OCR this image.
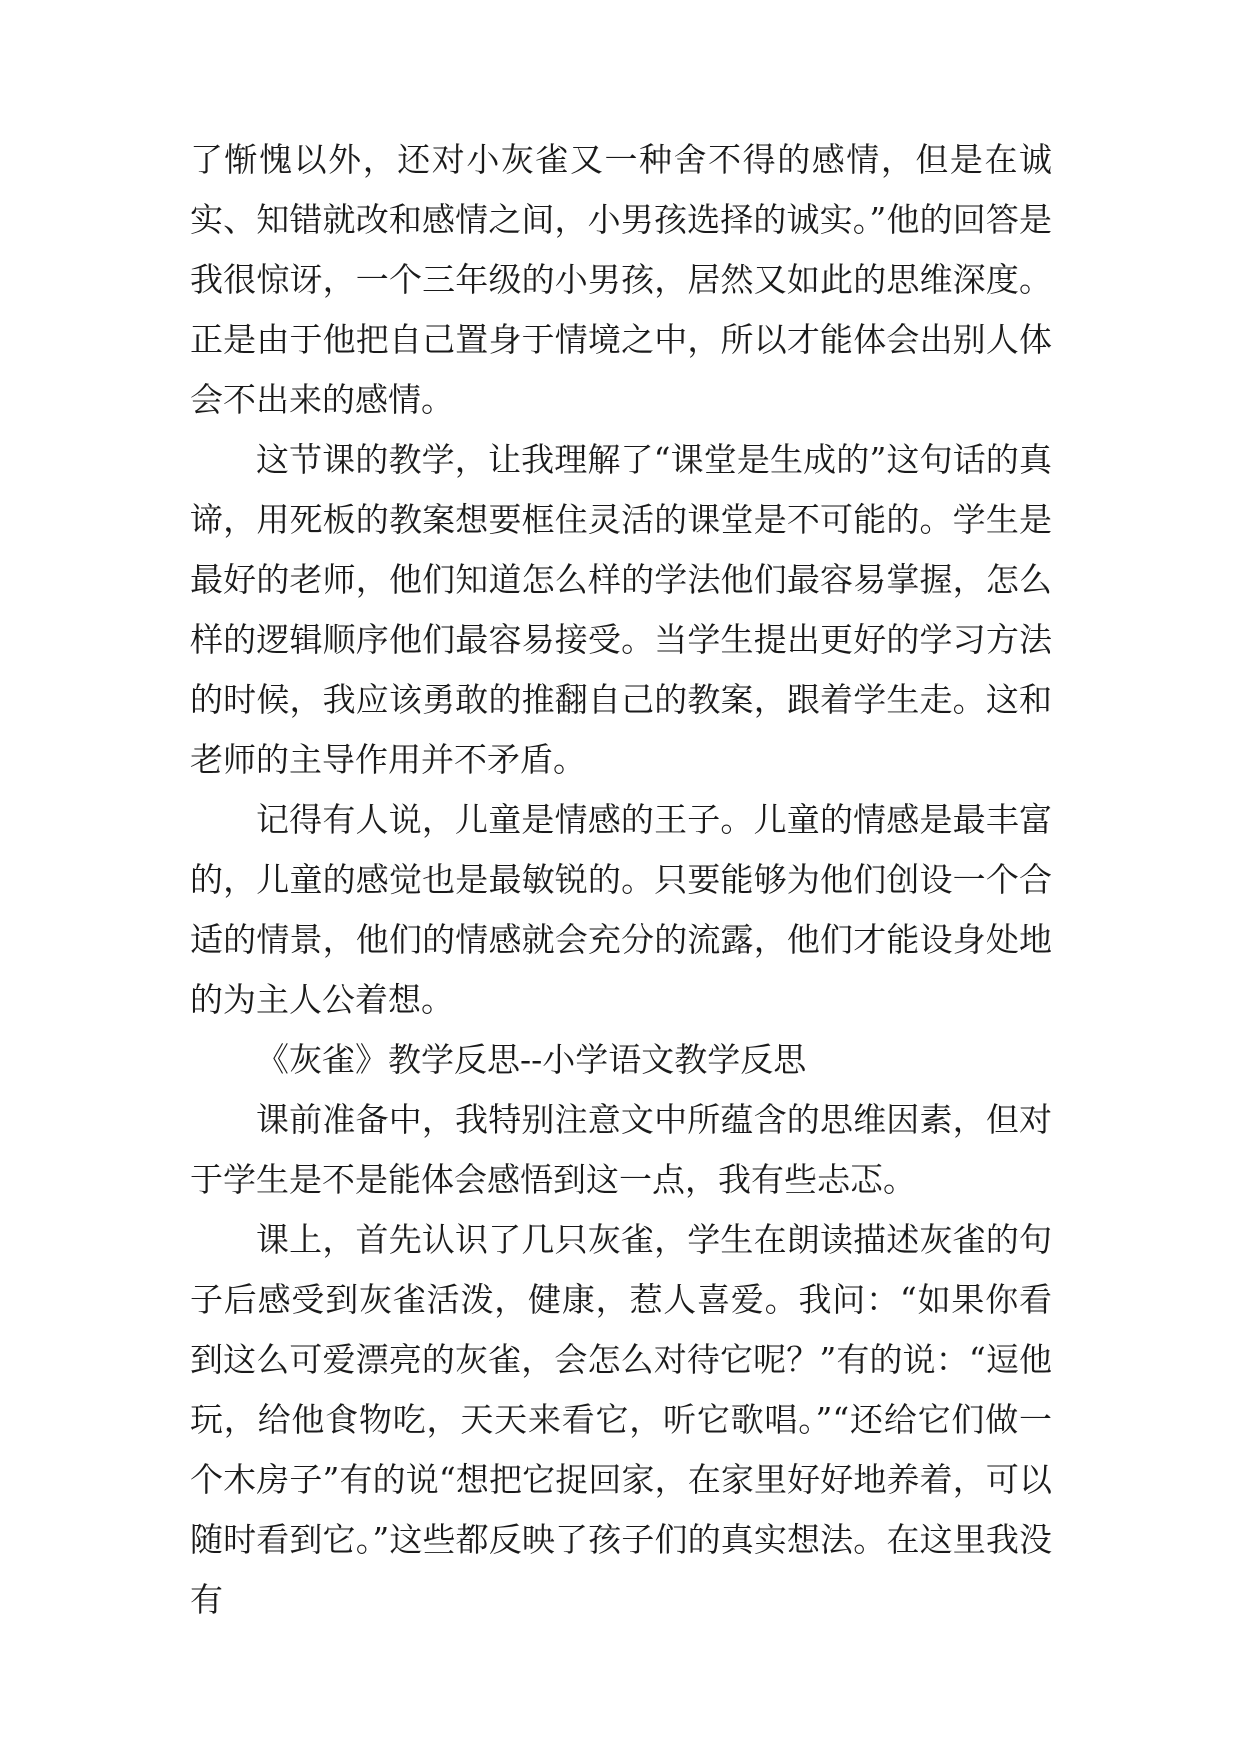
了惭愧以外，还对小灰雀又一种舍不得的感情，但是在诚实、知错就改和感情之间，小男孩选择的诚实。”他的回答是我很惊讶，一个三年级的小男孩，居然又如此的思维深度。正是由于他把自己置身于情境之中，所以才能体会出别人体会不出来的感情。

这节课的教学，让我理解了“课堂是生成的”这句话的真谛，用死板的教案想要框住灵活的课堂是不可能的。学生是最好的老师，他们知道怎么样的学法他们最容易掌握，怎么样的逻辑顺序他们最容易接受。当学生提出更好的学习方法的时候，我应该勇敢的推翻自己的教案，跟着学生走。这和老师的主导作用并不矛盾。

记得有人说，儿童是情感的王子。儿童的情感是最丰富的，儿童的感觉也是最敏锐的。只要能够为他们创设一个合适的情景，他们的情感就会充分的流露，他们才能设身处地的为主人公着想。

《灰雀》教学反思--小学语文教学反思

课前准备中，我特别注意文中所蕴含的思维因素，但对于学生是不是能体会感悟到这一点，我有些忐忑。

课上，首先认识了几只灰雀，学生在朗读描述灰雀的句子后感受到灰雀活泼，健康，惹人喜爱。我问：“如果你看到这么可爱漂亮的灰雀，会怎么对待它呢？”有的说：“逗他玩，给他食物吃，天天来看它，听它歌唱。”“还给它们做一个木房子”有的说“想把它捉回家，在家里好好地养着，可以随时看到它。”这些都反映了孩子们的真实想法。在这里我没有
